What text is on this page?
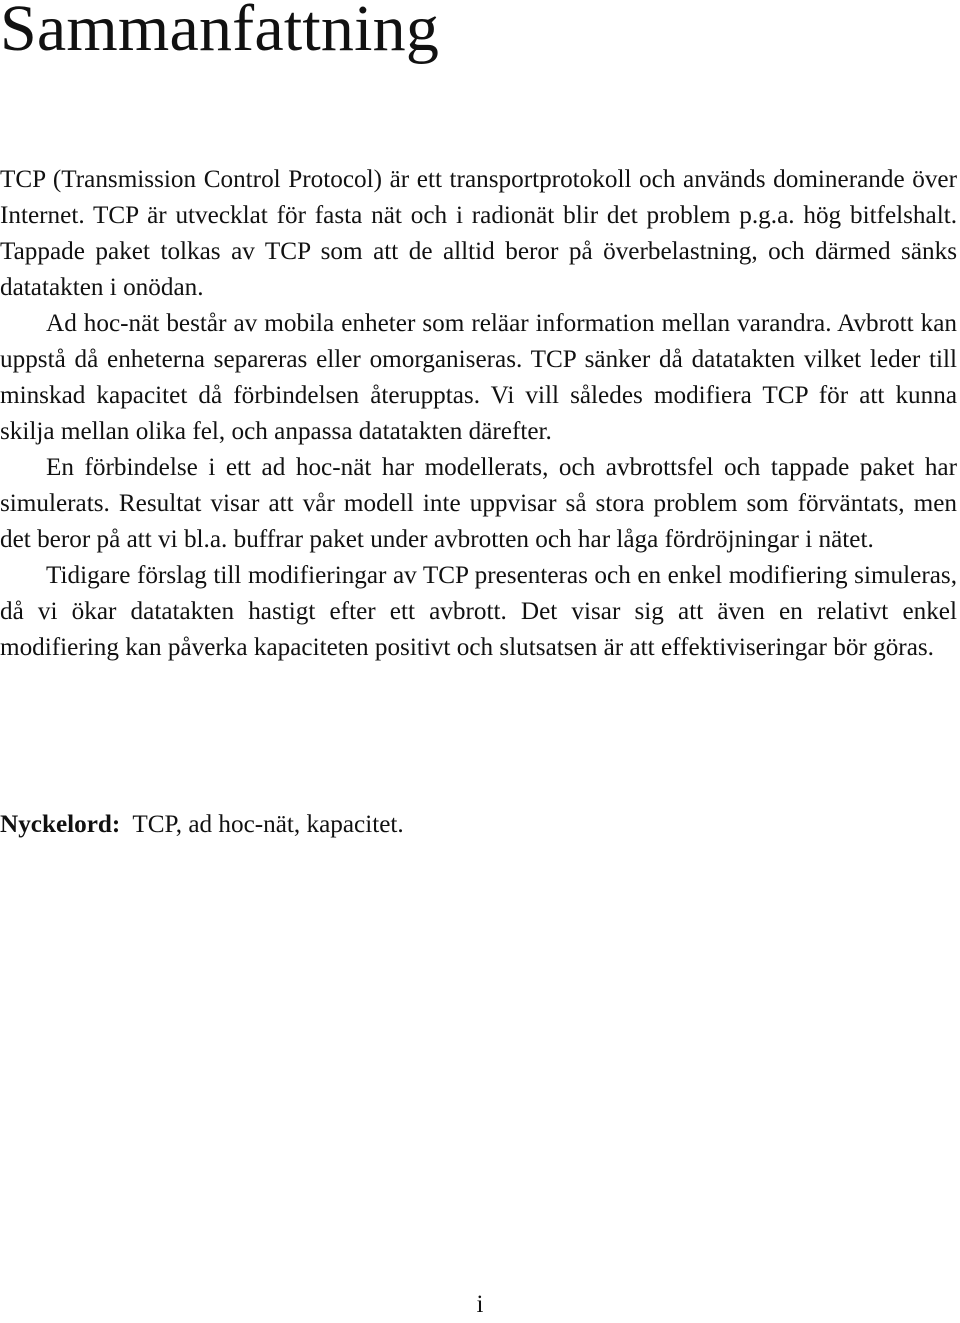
Sammanfattning

TCP (Transmission Control Protocol) är ett transportprotokoll och används dominerande över Internet. TCP är utvecklat för fasta nät och i radionät blir det problem p.g.a. hög bitfelshalt. Tappade paket tolkas av TCP som att de alltid beror på överbelastning, och därmed sänks datatakten i onödan.

Ad hoc-nät består av mobila enheter som reläar information mellan varandra. Avbrott kan uppstå då enheterna separeras eller omorganiseras. TCP sänker då datatakten vilket leder till minskad kapacitet då förbindelsen återupptas. Vi vill således modifiera TCP för att kunna skilja mellan olika fel, och anpassa datatakten därefter.

En förbindelse i ett ad hoc-nät har modellerats, och avbrottsfel och tappade paket har simulerats. Resultat visar att vår modell inte uppvisar så stora problem som förväntats, men det beror på att vi bl.a. buffrar paket under avbrotten och har låga fördröjningar i nätet.

Tidigare förslag till modifieringar av TCP presenteras och en enkel modifiering simuleras, då vi ökar datatakten hastigt efter ett avbrott. Det visar sig att även en relativt enkel modifiering kan påverka kapaciteten positivt och slutsatsen är att effektiviseringar bör göras.

Nyckelord: TCP, ad hoc-nät, kapacitet.
i
